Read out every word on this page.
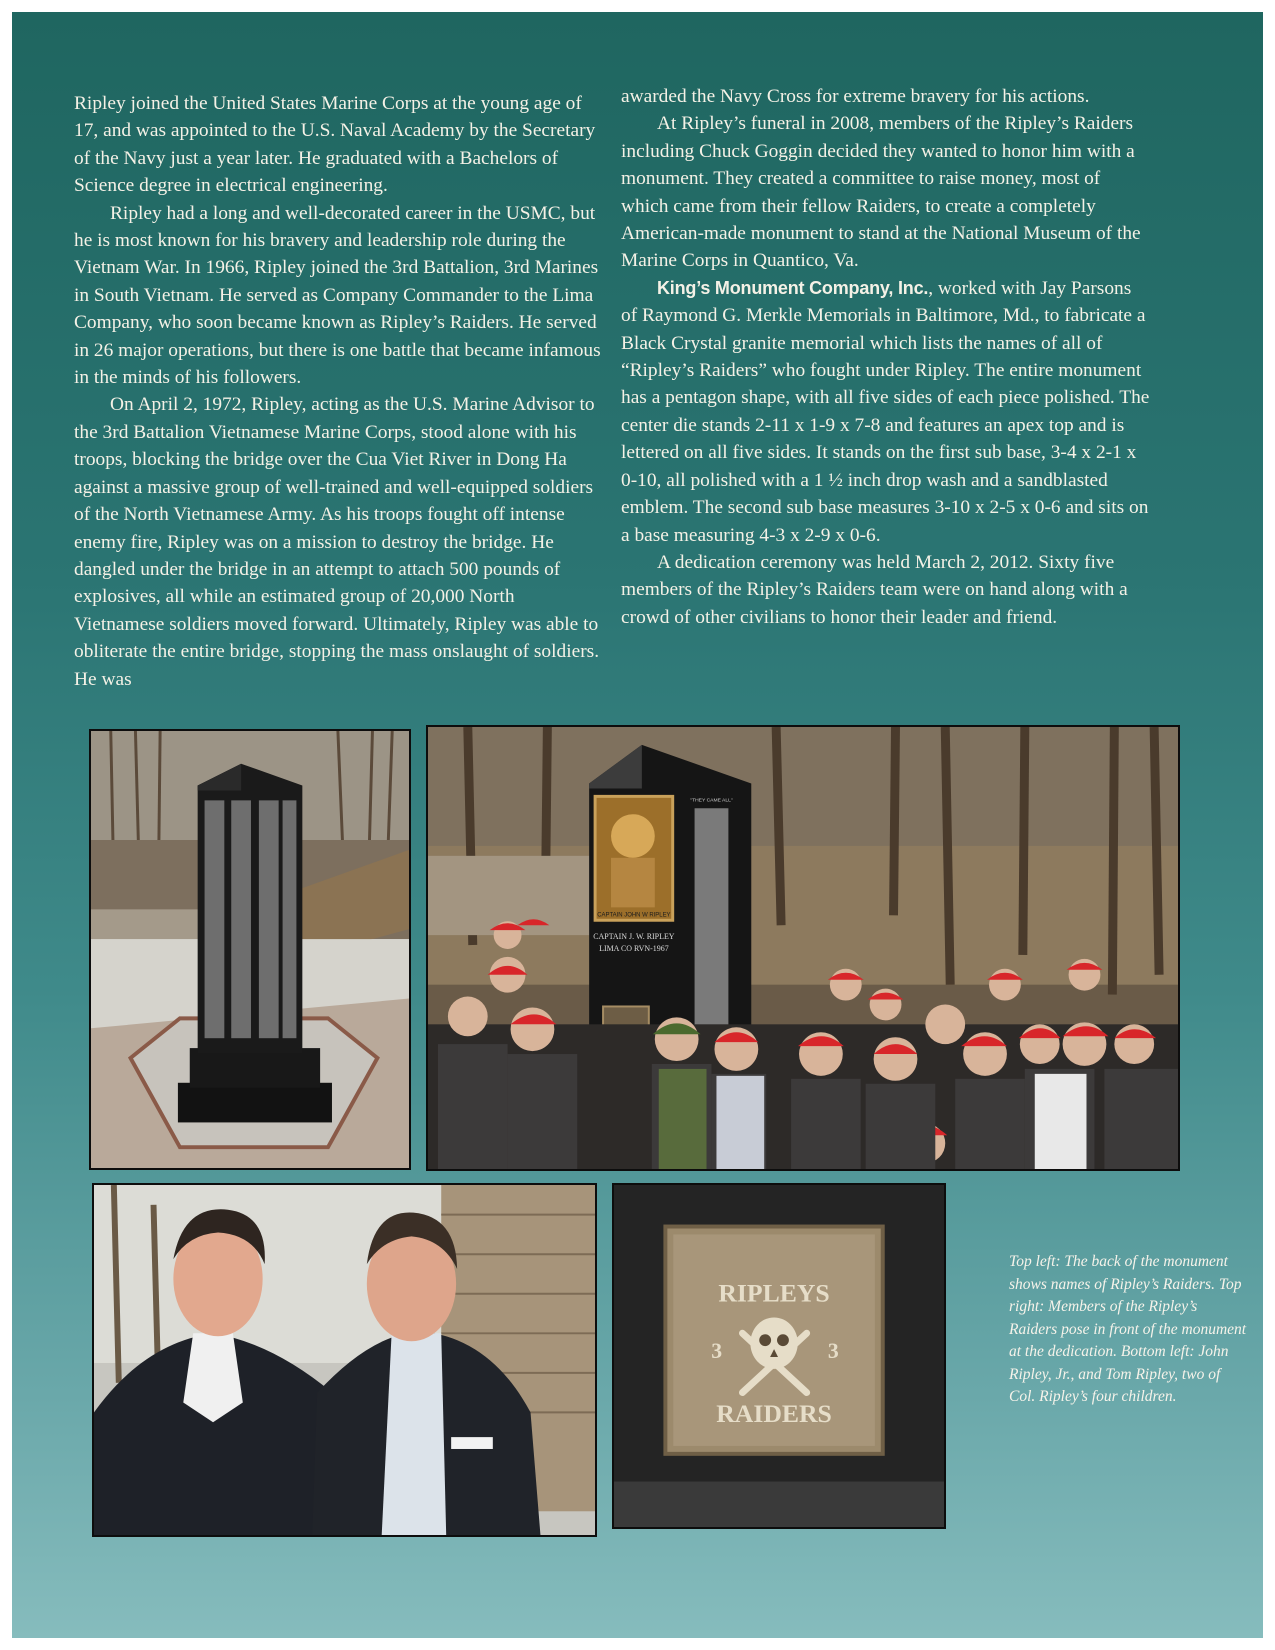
Ripley joined the United States Marine Corps at the young age of 17, and was appointed to the U.S. Naval Academy by the Secretary of the Navy just a year later. He graduated with a Bachelors of Science degree in electrical engineering.

Ripley had a long and well-decorated career in the USMC, but he is most known for his bravery and leadership role during the Vietnam War. In 1966, Ripley joined the 3rd Battalion, 3rd Marines in South Vietnam. He served as Company Commander to the Lima Company, who soon became known as Ripley’s Raiders. He served in 26 major operations, but there is one battle that became infamous in the minds of his followers.

On April 2, 1972, Ripley, acting as the U.S. Marine Advisor to the 3rd Battalion Vietnamese Marine Corps, stood alone with his troops, blocking the bridge over the Cua Viet River in Dong Ha against a massive group of well-trained and well-equipped soldiers of the North Vietnamese Army. As his troops fought off intense enemy fire, Ripley was on a mission to destroy the bridge. He dangled under the bridge in an attempt to attach 500 pounds of explosives, all while an estimated group of 20,000 North Vietnamese soldiers moved forward. Ultimately, Ripley was able to obliterate the entire bridge, stopping the mass onslaught of soldiers. He was

awarded the Navy Cross for extreme bravery for his actions.

At Ripley’s funeral in 2008, members of the Ripley’s Raiders including Chuck Goggin decided they wanted to honor him with a monument. They created a committee to raise money, most of which came from their fellow Raiders, to create a completely American-made monument to stand at the National Museum of the Marine Corps in Quantico, Va.

King’s Monument Company, Inc., worked with Jay Parsons of Raymond G. Merkle Memorials in Baltimore, Md., to fabricate a Black Crystal granite memorial which lists the names of all of “Ripley’s Raiders” who fought under Ripley. The entire monument has a pentagon shape, with all five sides of each piece polished. The center die stands 2-11 x 1-9 x 7-8 and features an apex top and is lettered on all five sides. It stands on the first sub base, 3-4 x 2-1 x 0-10, all polished with a 1 ½ inch drop wash and a sandblasted emblem. The second sub base measures 3-10 x 2-5 x 0-6 and sits on a base measuring 4-3 x 2-9 x 0-6.

A dedication ceremony was held March 2, 2012. Sixty five members of the Ripley’s Raiders team were on hand along with a crowd of other civilians to honor their leader and friend.

CAPTAIN JOHN W RIPLEY
CAPTAIN J. W. RIPLEY
LIMA CO RVN-1967
"THEY CAME ALL"
RIPLEYS
RAIDERS
3	3
Top left: The back of the monument shows names of Ripley’s Raiders. Top right: Members of the Ripley’s Raiders pose in front of the monument at the dedication. Bottom left: John Ripley, Jr., and Tom Ripley, two of Col. Ripley’s four children.
